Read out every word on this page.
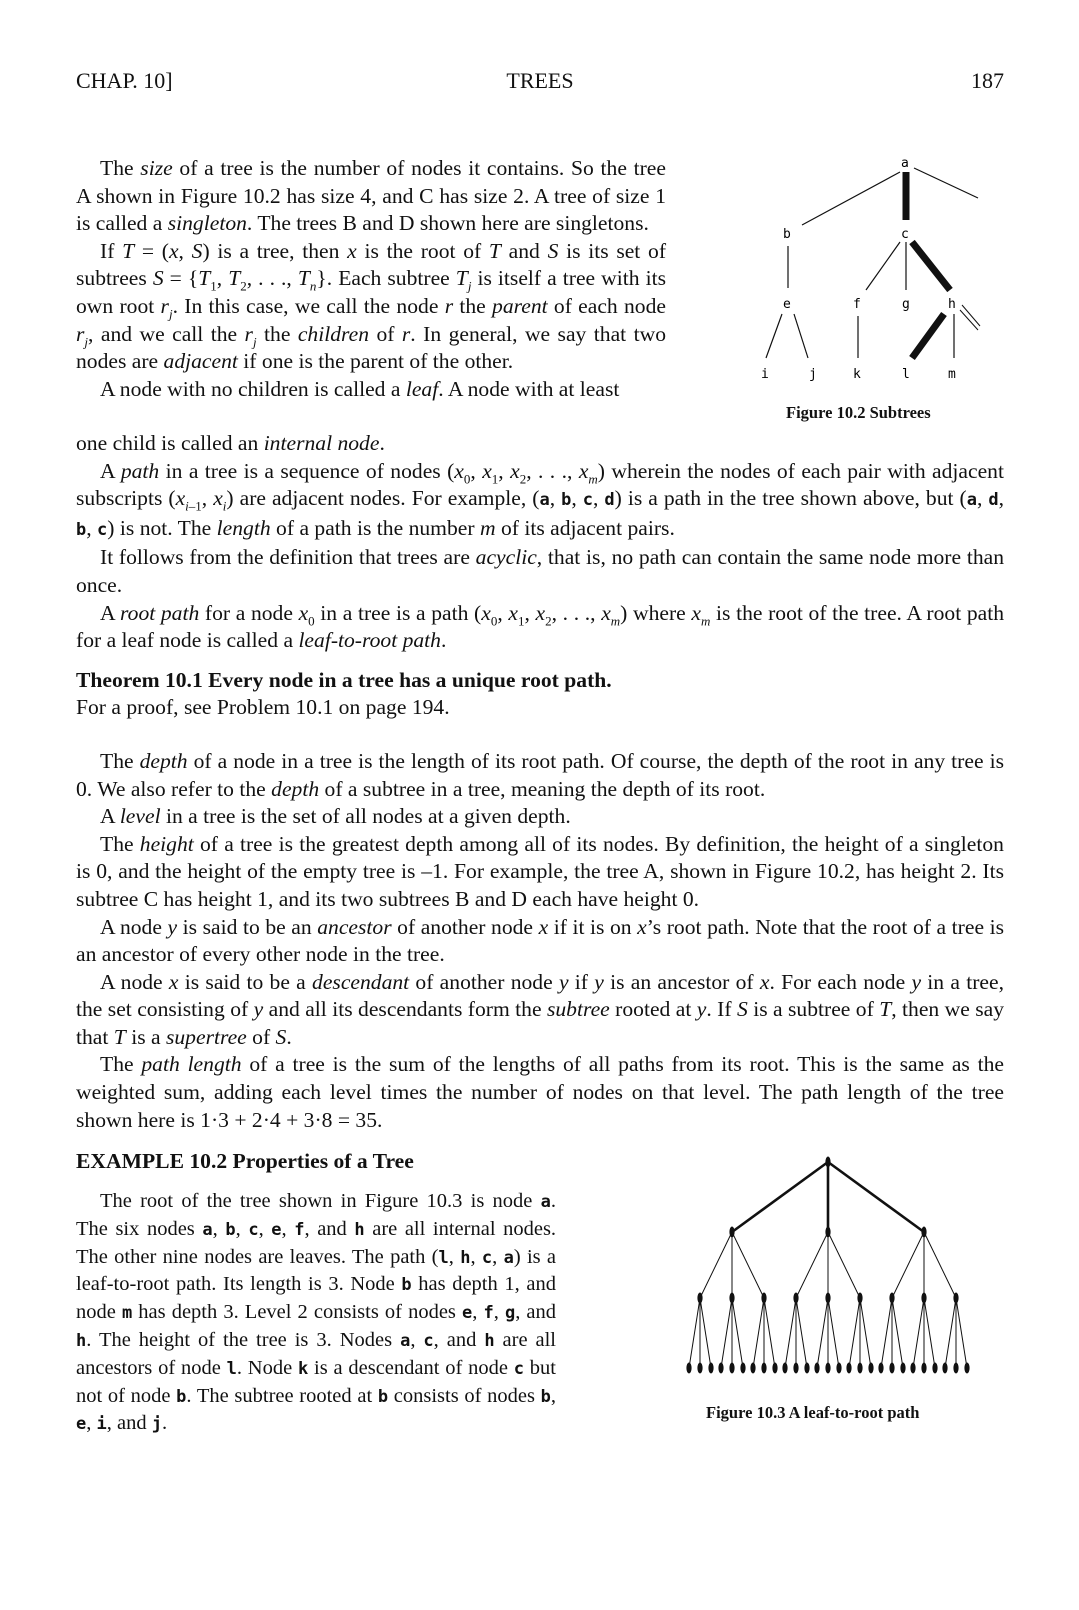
CHAP. 10]	TREES	187

The size of a tree is the number of nodes it contains. So the tree A shown in Figure 10.2 has size 4, and C has size 2. A tree of size 1 is called a singleton. The trees B and D shown here are singletons.

If T = (x, S) is a tree, then x is the root of T and S is its set of subtrees $S = \{T_1$, $T_2$, . . ., $T_n$}. Each subtree $T_j$ is itself a tree with its own root $r_j$. In this case, we call the node r the parent of each node $r_j$, and we call the $r_j$ the children of r. In general, we say that two nodes are adjacent if one is the parent of the other.

A node with no children is called a leaf. A node with at least

a
b	c
e	f	g	h
i	j	k	l	m
Figure 10.2 Subtrees

one child is called an internal node.

A path in a tree is a sequence of nodes ($x_0$, $x_1$, $x_2$, . . ., $x_m$) wherein the nodes of each pair with adjacent subscripts ($x_{i-1}$, $x_i$) are adjacent nodes. For example, (a, b, c, d) is a path in the tree shown above, but (a, d, b, c) is not. The length of a path is the number m of its adjacent pairs.

It follows from the definition that trees are acyclic, that is, no path can contain the same node more than once.

A root path for a node $x_0$ in a tree is a path ($x_0$, $x_1$, $x_2$, . . ., $x_m$) where $x_m$ is the root of the tree. A root path for a leaf node is called a leaf-to-root path.

Theorem 10.1 Every node in a tree has a unique root path.

For a proof, see Problem 10.1 on page 194.

The depth of a node in a tree is the length of its root path. Of course, the depth of the root in any tree is 0. We also refer to the depth of a subtree in a tree, meaning the depth of its root.

A level in a tree is the set of all nodes at a given depth.

The height of a tree is the greatest depth among all of its nodes. By definition, the height of a singleton is 0, and the height of the empty tree is –1. For example, the tree A, shown in Figure 10.2, has height 2. Its subtree C has height 1, and its two subtrees B and D each have height 0.

A node y is said to be an ancestor of another node x if it is on x’s root path. Note that the root of a tree is an ancestor of every other node in the tree.

A node x is said to be a descendant of another node y if y is an ancestor of x. For each node y in a tree, the set consisting of y and all its descendants form the subtree rooted at y. If S is a subtree of T, then we say that T is a supertree of S.

The path length of a tree is the sum of the lengths of all paths from its root. This is the same as the weighted sum, adding each level times the number of nodes on that level. The path length of the tree shown here is 1·3 + 2·4 + 3·8 = 35.

EXAMPLE 10.2 Properties of a Tree

The root of the tree shown in Figure 10.3 is node a. The six nodes a, b, c, e, f, and h are all internal nodes. The other nine nodes are leaves. The path (l, h, c, a) is a leaf-to-root path. Its length is 3. Node b has depth 1, and node m has depth 3. Level 2 consists of nodes e, f, g, and h. The height of the tree is 3. Nodes a, c, and h are all ancestors of node l. Node k is a descendant of node c but not of node b. The subtree rooted at b consists of nodes b, e, i, and j.	Figure 10.3 A leaf-to-root path
